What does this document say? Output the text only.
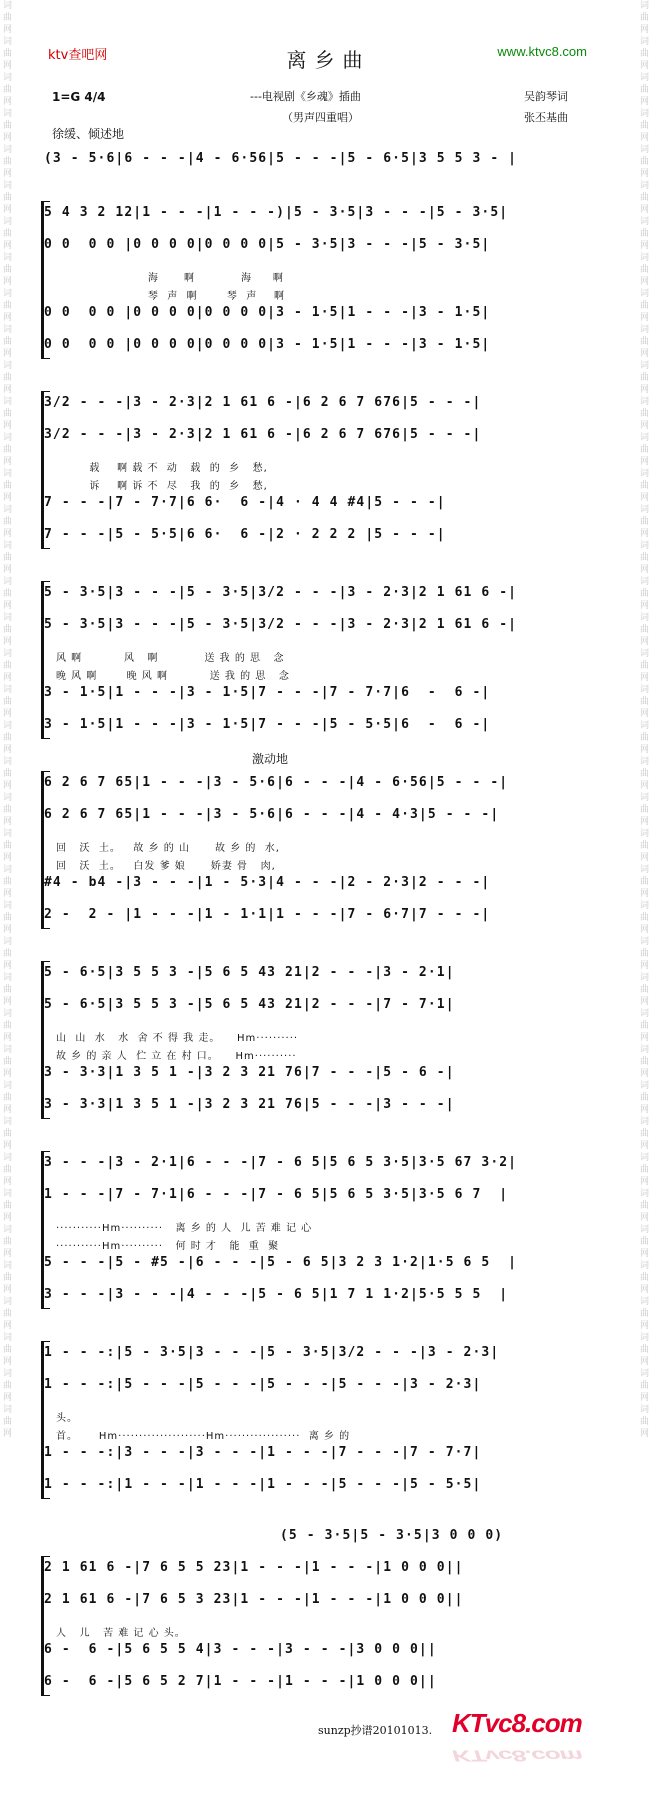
词曲网词曲网词曲网词曲网词曲网词曲网词曲网词曲网词曲网词曲网词曲网词曲网词曲网词曲网词曲网词曲网词曲网词曲网词曲网词曲网词曲网词曲网词曲网词曲网词曲网词曲网词曲网词曲网词曲网词曲网词曲网词曲网词曲网词曲网词曲网词曲网词曲网词曲网词曲网词曲网
词曲网词曲网词曲网词曲网词曲网词曲网词曲网词曲网词曲网词曲网词曲网词曲网词曲网词曲网词曲网词曲网词曲网词曲网词曲网词曲网词曲网词曲网词曲网词曲网词曲网词曲网词曲网词曲网词曲网词曲网词曲网词曲网词曲网词曲网词曲网词曲网词曲网词曲网词曲网词曲网
ktv查吧网	离乡曲	www.ktvc8.com
1=G 4/4	---电视剧《乡魂》插曲
（男声四重唱）
吴韵琴词
张丕基曲
徐缓、倾述地
激动地
(3 - 5·6|6 - - -|4 - 6·56|5 - - -|5 - 6·5|3 5 5 3 - |
5 4 3 2 12|1 - - -|1 - - -)|5 - 3·5|3 - - -|5 - 3·5|
0 0  0 0 |0 0 0 0|0 0 0 0|5 - 3·5|3 - - -|5 - 3·5|
海      啊           海     啊
琴  声  啊       琴  声    啊
0 0  0 0 |0 0 0 0|0 0 0 0|3 - 1·5|1 - - -|3 - 1·5|
0 0  0 0 |0 0 0 0|0 0 0 0|3 - 1·5|1 - - -|3 - 1·5|
3/2 - - -|3 - 2·3|2 1 61 6 -|6 2 6 7 676|5 - - -|
3/2 - - -|3 - 2·3|2 1 61 6 -|6 2 6 7 676|5 - - -|
载    啊 载 不  动   载  的  乡   愁,
诉    啊 诉 不  尽   我  的  乡   愁,
7 - - -|7 - 7·7|6 6·  6 -|4 · 4 4 #4|5 - - -|
7 - - -|5 - 5·5|6 6·  6 -|2 · 2 2 2 |5 - - -|
5 - 3·5|3 - - -|5 - 3·5|3/2 - - -|3 - 2·3|2 1 61 6 -|
5 - 3·5|3 - - -|5 - 3·5|3/2 - - -|3 - 2·3|2 1 61 6 -|
风 啊          风   啊           送 我 的 思   念
晚 风 啊       晚 风 啊          送 我 的 思   念
3 - 1·5|1 - - -|3 - 1·5|7 - - -|7 - 7·7|6  -  6 -|
3 - 1·5|1 - - -|3 - 1·5|7 - - -|5 - 5·5|6  -  6 -|
6 2 6 7 65|1 - - -|3 - 5·6|6 - - -|4 - 6·56|5 - - -|
6 2 6 7 65|1 - - -|3 - 5·6|6 - - -|4 - 4·3|5 - - -|
回   沃  土。   故 乡 的 山      故 乡 的  水,
回   沃  土。   白发 爹 娘      娇妻 骨   肉,
#4 - b4 -|3 - - -|1 - 5·3|4 - - -|2 - 2·3|2 - - -|
2 -  2 - |1 - - -|1 - 1·1|1 - - -|7 - 6·7|7 - - -|
5 - 6·5|3 5 5 3 -|5 6 5 43 21|2 - - -|3 - 2·1|
5 - 6·5|3 5 5 3 -|5 6 5 43 21|2 - - -|7 - 7·1|
山  山  水   水  舍 不 得 我 走。    Hm··········
故 乡 的 亲 人  伫 立 在 村 口。    Hm··········
3 - 3·3|1 3 5 1 -|3 2 3 21 76|7 - - -|5 - 6 -|
3 - 3·3|1 3 5 1 -|3 2 3 21 76|5 - - -|3 - - -|
3 - - -|3 - 2·1|6 - - -|7 - 6 5|5 6 5 3·5|3·5 67 3·2|
1 - - -|7 - 7·1|6 - - -|7 - 6 5|5 6 5 3·5|3·5 6 7  |
···········Hm··········   离 乡 的 人  儿 苦 难 记 心
···········Hm··········   何 时 才   能  重  聚
5 - - -|5 - #5 -|6 - - -|5 - 6 5|3 2 3 1·2|1·5 6 5  |
3 - - -|3 - - -|4 - - -|5 - 6 5|1 7 1 1·2|5·5 5 5  |
1 - - -:|5 - 3·5|3 - - -|5 - 3·5|3/2 - - -|3 - 2·3|
1 - - -:|5 - - -|5 - - -|5 - - -|5 - - -|3 - 2·3|
头。
首。     Hm·····················Hm··················  离 乡 的
1 - - -:|3 - - -|3 - - -|1 - - -|7 - - -|7 - 7·7|
1 - - -:|1 - - -|1 - - -|1 - - -|5 - - -|5 - 5·5|
(5 - 3·5|5 - 3·5|3 0 0 0)
2 1 61 6 -|7 6 5 5 23|1 - - -|1 - - -|1 0 0 0||
2 1 61 6 -|7 6 5 3 23|1 - - -|1 - - -|1 0 0 0||
人   儿   苦 难 记 心 头。
6 -  6 -|5 6 5 5 4|3 - - -|3 - - -|3 0 0 0||
6 -  6 -|5 6 5 2 7|1 - - -|1 - - -|1 0 0 0||
sunzp抄谱20101013. KTvc8.com
KTvc8.com
